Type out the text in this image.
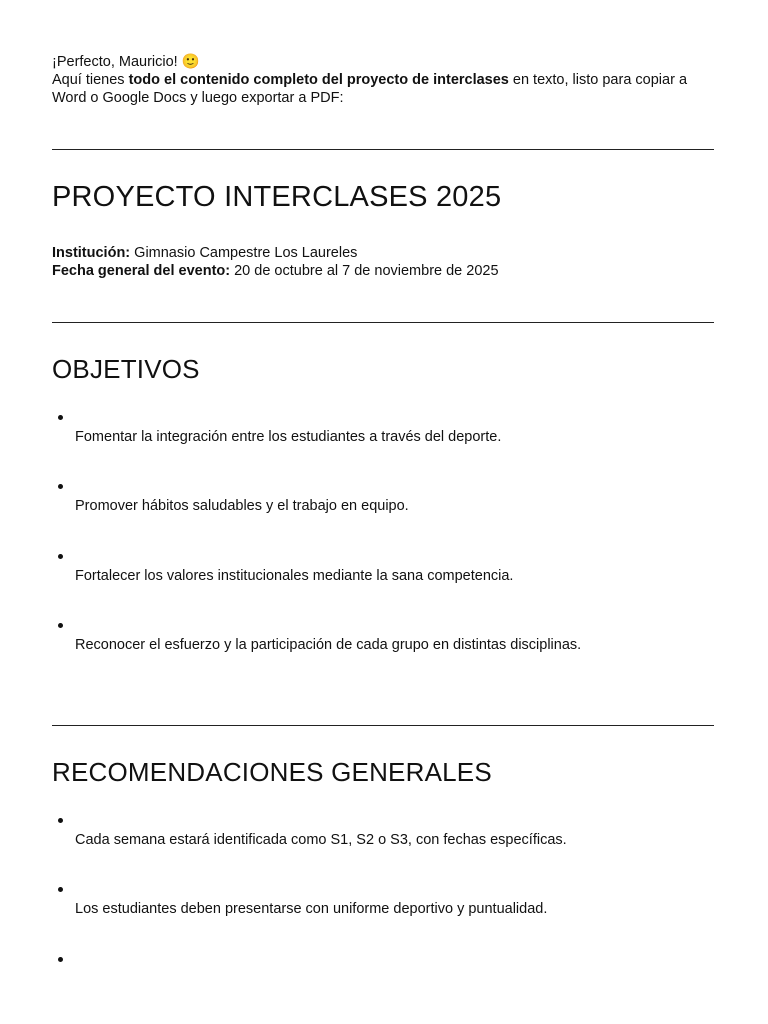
¡Perfecto, Mauricio! 🙂
Aquí tienes todo el contenido completo del proyecto de interclases en texto, listo para copiar a Word o Google Docs y luego exportar a PDF:
PROYECTO INTERCLASES 2025
Institución: Gimnasio Campestre Los Laureles
Fecha general del evento: 20 de octubre al 7 de noviembre de 2025
OBJETIVOS
Fomentar la integración entre los estudiantes a través del deporte.
Promover hábitos saludables y el trabajo en equipo.
Fortalecer los valores institucionales mediante la sana competencia.
Reconocer el esfuerzo y la participación de cada grupo en distintas disciplinas.
RECOMENDACIONES GENERALES
Cada semana estará identificada como S1, S2 o S3, con fechas específicas.
Los estudiantes deben presentarse con uniforme deportivo y puntualidad.
